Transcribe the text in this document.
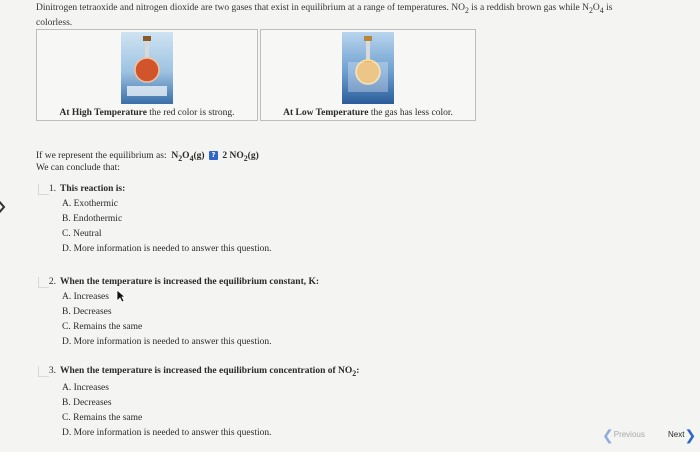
Dinitrogen tetraoxide and nitrogen dioxide are two gases that exist in equilibrium at a range of temperatures. $NO_2$ is a reddish brown gas while $N_2O_4$ is
colorless.
At High Temperature the red color is strong.	At Low Temperature the gas has less color.
If we represent the equilibrium as: $N_2O_4(g)$ ? 2 $NO_2(g)$
We can conclude that:
1. This reaction is:
A. Exothermic
B. Endothermic
C. Neutral
D. More information is needed to answer this question.
2. When the temperature is increased the equilibrium constant, K:
A. Increases
B. Decreases
C. Remains the same
D. More information is needed to answer this question.
3. When the temperature is increased the equilibrium concentration of $NO_2$:
A. Increases
B. Decreases
C. Remains the same
D. More information is needed to answer this question.	❮Previous	Next❯
